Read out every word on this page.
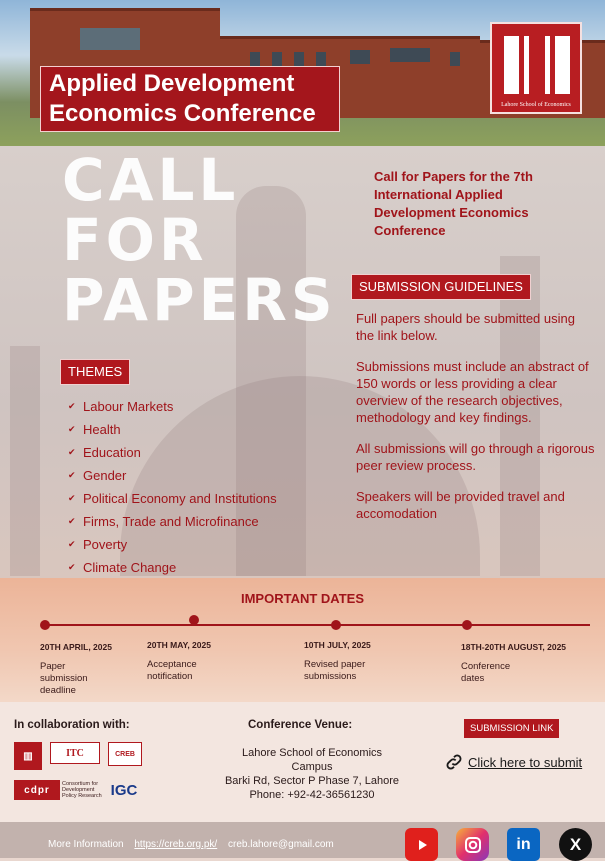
Applied Development
Economics Conference	Lahore School of Economics
CALL
FOR
PAPERS
Call for Papers for the 7th International Applied Development Economics Conference
SUBMISSION GUIDELINES

Full papers should be submitted using the link below.

Submissions must include an abstract of 150 words or less providing a clear overview of the research objectives, methodology and key findings.

All submissions will go through a rigorous peer review process.

Speakers will be provided travel and accomodation

THEMES
✔ Labour Markets
✔ Health
✔ Education
✔ Gender
✔ Political Economy and Institutions
✔ Firms, Trade and Microfinance
✔ Poverty
✔ Climate Change
IMPORTANT DATES
20TH APRIL, 2025
Paper submission deadline
20TH MAY, 2025
Acceptance notification
10TH JULY, 2025
Revised paper submissions
18TH-20TH AUGUST, 2025
Conference dates
In collaboration with:
▥	ITC	CREB
cdpr
Consortium for Development Policy Research IGC
Conference Venue:
Lahore School of Economics Campus
Barki Rd, Sector P Phase 7, Lahore
Phone: +92-42-36561230
SUBMISSION LINK
Click here to submit
More Information https://creb.org.pk/ creb.lahore@gmail.com	in	X
